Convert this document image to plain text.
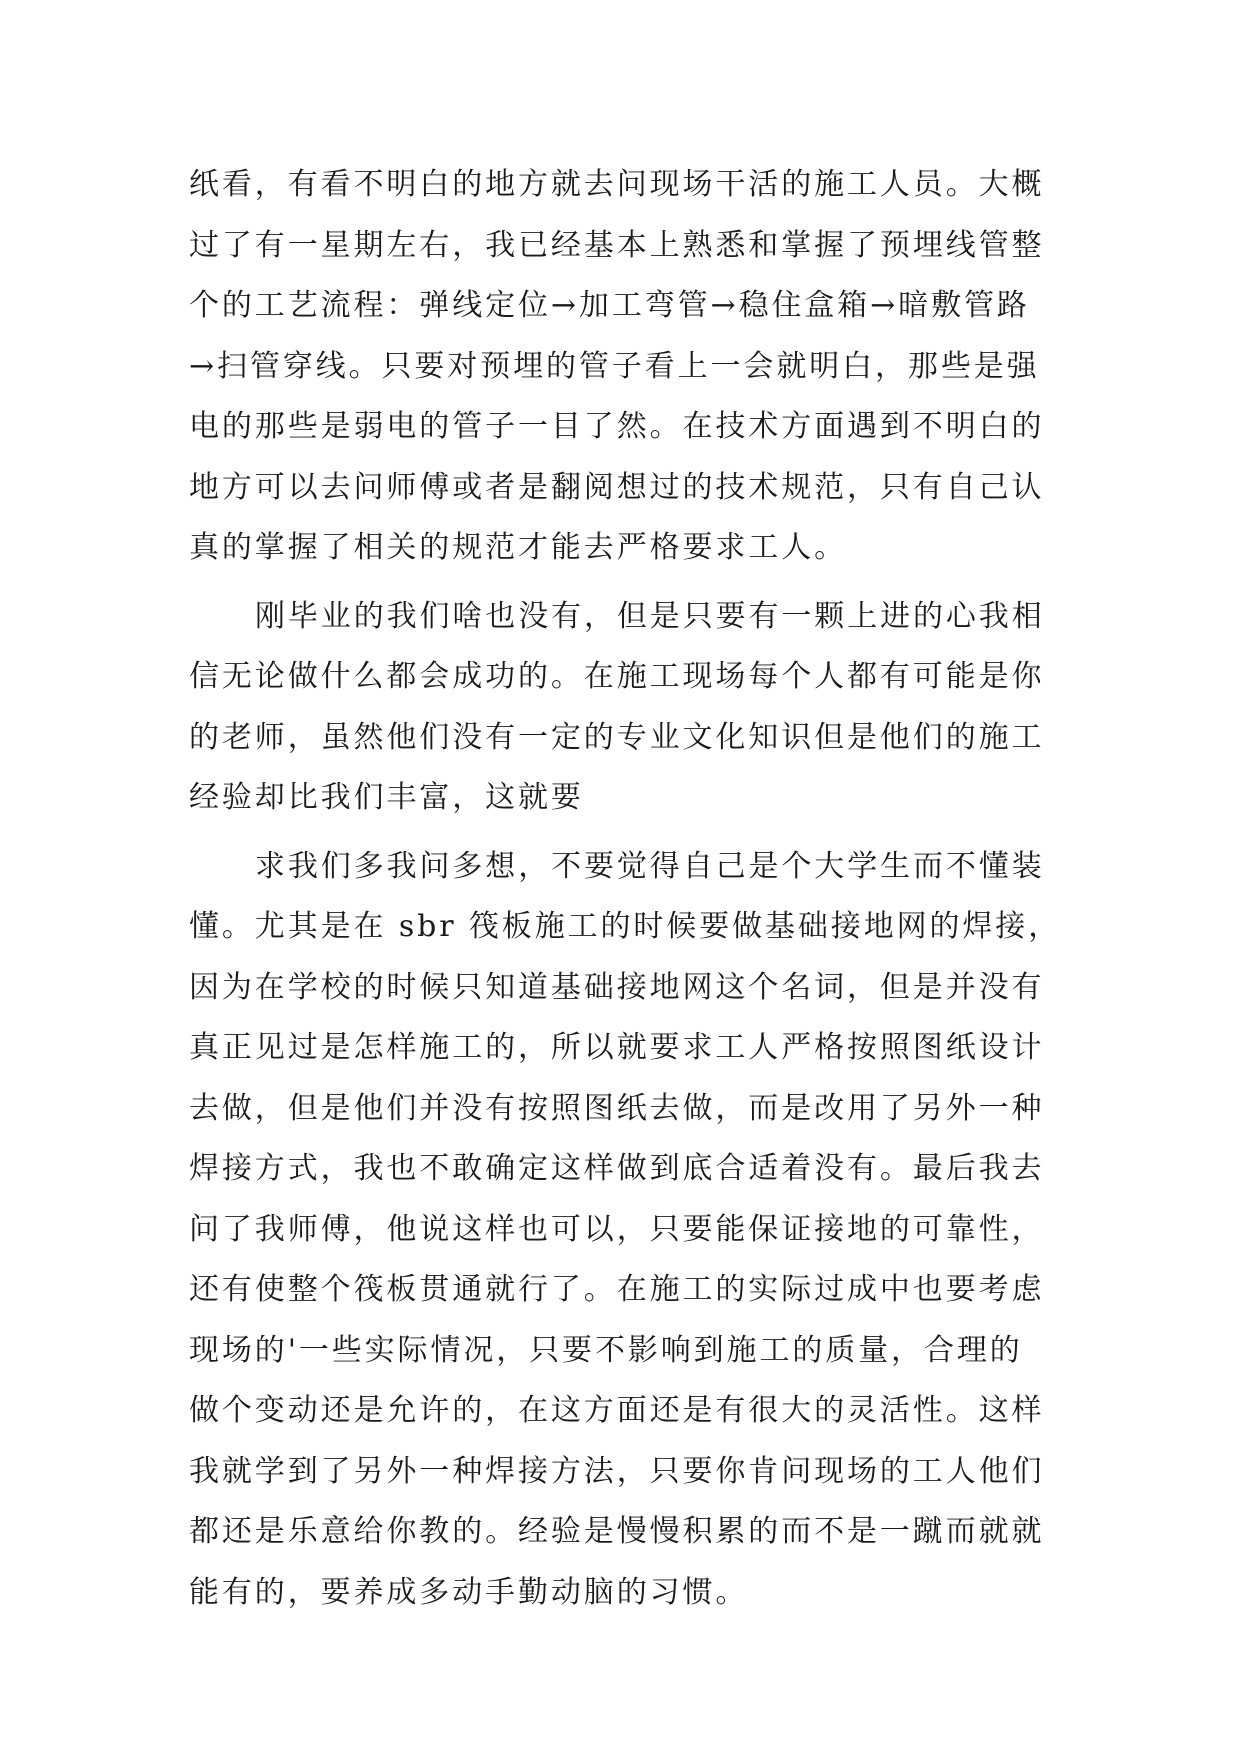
纸看，有看不明白的地方就去问现场干活的施工人员。大概
过了有一星期左右，我已经基本上熟悉和掌握了预埋线管整
个的工艺流程：弹线定位→加工弯管→稳住盒箱→暗敷管路
→扫管穿线。只要对预埋的管子看上一会就明白，那些是强
电的那些是弱电的管子一目了然。在技术方面遇到不明白的
地方可以去问师傅或者是翻阅想过的技术规范，只有自己认
真的掌握了相关的规范才能去严格要求工人。
刚毕业的我们啥也没有，但是只要有一颗上进的心我相
信无论做什么都会成功的。在施工现场每个人都有可能是你
的老师，虽然他们没有一定的专业文化知识但是他们的施工
经验却比我们丰富，这就要
求我们多我问多想，不要觉得自己是个大学生而不懂装
懂。尤其是在 sbr 筏板施工的时候要做基础接地网的焊接，
因为在学校的时候只知道基础接地网这个名词，但是并没有
真正见过是怎样施工的，所以就要求工人严格按照图纸设计
去做，但是他们并没有按照图纸去做，而是改用了另外一种
焊接方式，我也不敢确定这样做到底合适着没有。最后我去
问了我师傅，他说这样也可以，只要能保证接地的可靠性，
还有使整个筏板贯通就行了。在施工的实际过成中也要考虑
现场的'一些实际情况，只要不影响到施工的质量，合理的
做个变动还是允许的，在这方面还是有很大的灵活性。这样
我就学到了另外一种焊接方法，只要你肯问现场的工人他们
都还是乐意给你教的。经验是慢慢积累的而不是一蹴而就就
能有的，要养成多动手勤动脑的习惯。
